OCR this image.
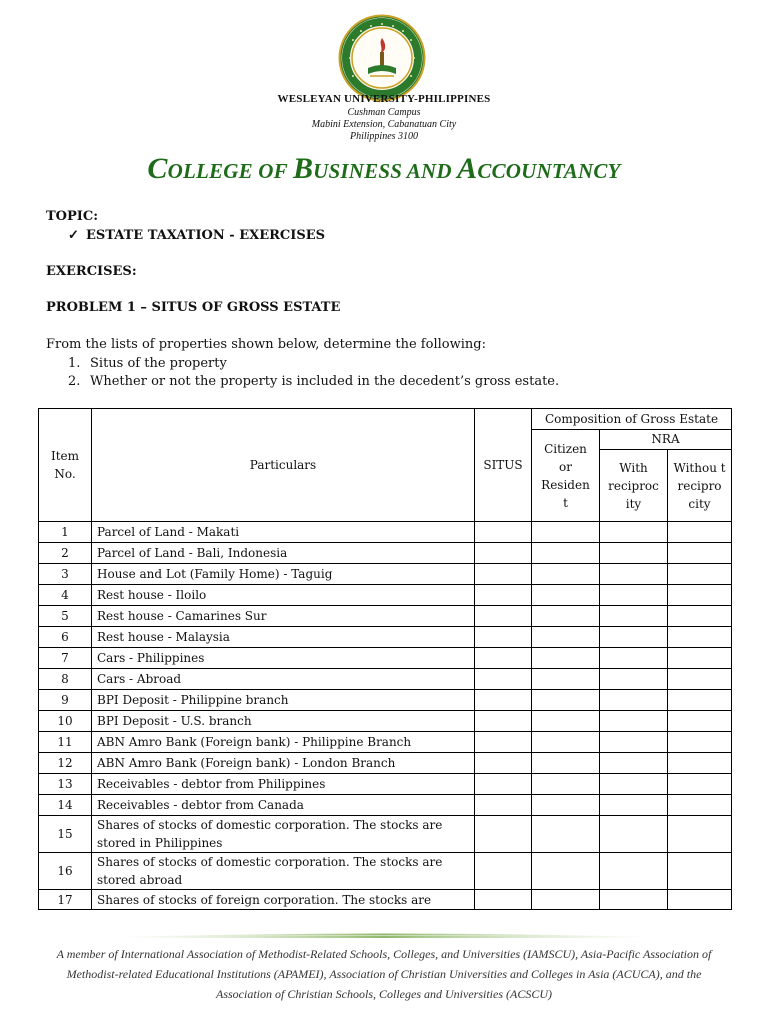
WESLEYAN UNIVERSITY-PHILIPPINES
Cushman Campus
Mabini Extension, Cabanatuan City
Philippines 3100
COLLEGE OF BUSINESS AND ACCOUNTANCY
TOPIC:
✓ ESTATE TAXATION - EXERCISES
EXERCISES:
PROBLEM 1 – SITUS OF GROSS ESTATE
From the lists of properties shown below, determine the following:
1. Situs of the property
2. Whether or not the property is included in the decedent’s gross estate.
Item No.	Particulars	SITUS	Composition of Gross Estate		
			Citizen or Residen t	NRA	
				With reciproc ity	Withou t recipro city
1	Parcel of Land - Makati				
2	Parcel of Land - Bali, Indonesia				
3	House and Lot (Family Home) - Taguig				
4	Rest house - Iloilo				
5	Rest house - Camarines Sur				
6	Rest house - Malaysia				
7	Cars - Philippines				
8	Cars - Abroad				
9	BPI Deposit - Philippine branch				
10	BPI Deposit - U.S. branch				
11	ABN Amro Bank (Foreign bank) - Philippine Branch				
12	ABN Amro Bank (Foreign bank) - London Branch				
13	Receivables - debtor from Philippines				
14	Receivables - debtor from Canada				
15	Shares of stocks of domestic corporation. The stocks are stored in Philippines				
16	Shares of stocks of domestic corporation. The stocks are stored abroad				
17	Shares of stocks of foreign corporation. The stocks are				
A member of International Association of Methodist-Related Schools, Colleges, and Universities (IAMSCU), Asia-Pacific Association of Methodist-related Educational Institutions (APAMEI), Association of Christian Universities and Colleges in Asia (ACUCA), and the Association of Christian Schools, Colleges and Universities (ACSCU)
